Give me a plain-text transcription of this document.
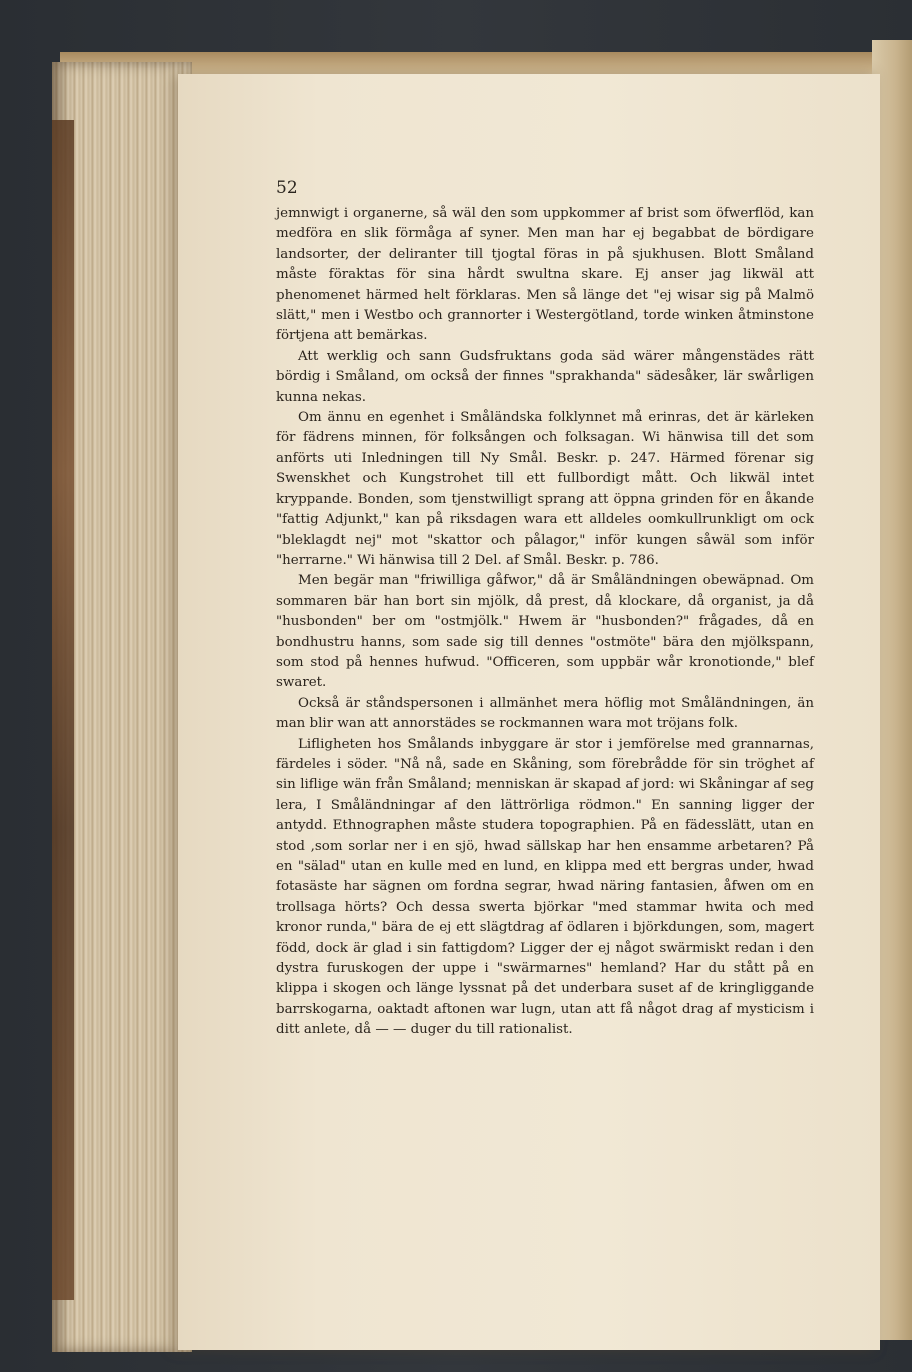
52

jemnwigt i organerne, så wäl den som uppkommer af brist som öfwerflöd, kan medföra en slik förmåga af syner. Men man har ej begabbat de bördigare landsorter, der deliranter till tjogtal föras in på sjukhusen. Blott Småland måste föraktas för sina hårdt swultna skare. Ej anser jag likwäl att phenomenet härmed helt förklaras. Men så länge det "ej wisar sig på Malmö slätt," men i Westbo och grannorter i Westergötland, torde winken åtminstone förtjena att bemärkas.

Att werklig och sann Gudsfruktans goda säd wärer mångenstädes rätt bördig i Småland, om också der finnes "sprakhanda" sädesåker, lär swårligen kunna nekas.

Om ännu en egenhet i Småländska folklynnet må erinras, det är kärleken för fädrens minnen, för folksången och folksagan. Wi hänwisa till det som anförts uti Inledningen till Ny Smål. Beskr. p. 247. Härmed förenar sig Swenskhet och Kungstrohet till ett fullbordigt mått. Och likwäl intet kryppande. Bonden, som tjenstwilligt sprang att öppna grinden för en åkande "fattig Adjunkt," kan på riksdagen wara ett alldeles oomkullrunkligt om ock "bleklagdt nej" mot "skattor och pålagor," inför kungen såwäl som inför "herrarne." Wi hänwisa till 2 Del. af Smål. Beskr. p. 786.

Men begär man "friwilliga gåfwor," då är Småländningen obewäpnad. Om sommaren bär han bort sin mjölk, då prest, då klockare, då organist, ja då "husbonden" ber om "ostmjölk." Hwem är "husbonden?" frågades, då en bondhustru hanns, som sade sig till dennes "ostmöte" bära den mjölkspann, som stod på hennes hufwud. "Officeren, som uppbär wår kronotionde," blef swaret.

Också är ståndspersonen i allmänhet mera höflig mot Småländningen, än man blir wan att annorstädes se rockmannen wara mot tröjans folk.

Lifligheten hos Smålands inbyggare är stor i jemförelse med grannarnas, färdeles i söder. "Nå nå, sade en Skåning, som förebrådde för sin tröghet af sin liflige wän från Småland; menniskan är skapad af jord: wi Skåningar af seg lera, I Småländningar af den lättrörliga rödmon." En sanning ligger der antydd. Ethnographen måste studera topographien. På en fädesslätt, utan en stod ,som sorlar ner i en sjö, hwad sällskap har hen ensamme arbetaren? På en "sälad" utan en kulle med en lund, en klippa med ett bergras under, hwad fotasäste har sägnen om fordna segrar, hwad näring fantasien, åfwen om en trollsaga hörts? Och dessa swerta björkar "med stammar hwita och med kronor runda," bära de ej ett slägtdrag af ödlaren i björkdungen, som, magert född, dock är glad i sin fattigdom? Ligger der ej något swärmiskt redan i den dystra furuskogen der uppe i "swärmarnes" hemland? Har du stått på en klippa i skogen och länge lyssnat på det underbara suset af de kringliggande barrskogarna, oaktadt aftonen war lugn, utan att få något drag af mysticism i ditt anlete, då — — duger du till rationalist.
